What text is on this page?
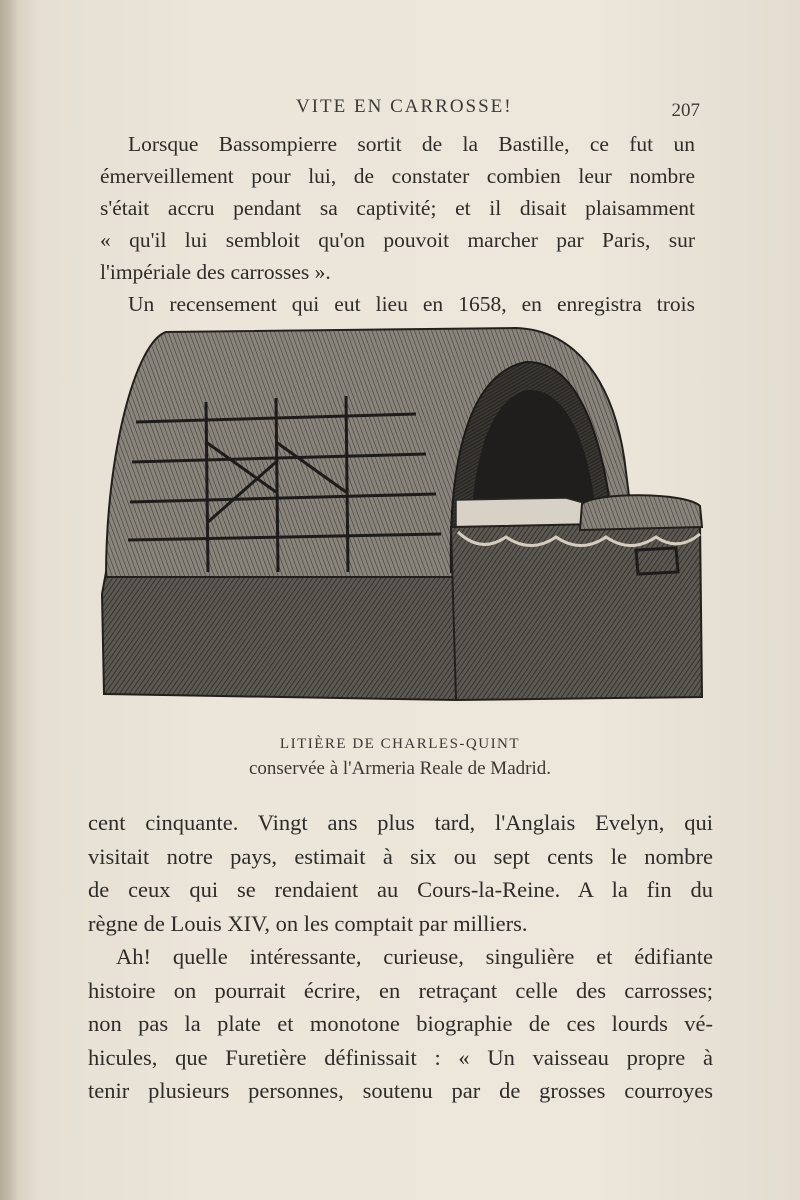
VITE EN CARROSSE!	207
Lorsque Bassompierre sortit de la Bastille, ce fut un
émerveillement pour lui, de constater combien leur nombre
s'était accru pendant sa captivité; et il disait plaisamment
« qu'il lui sembloit qu'on pouvoit marcher par Paris, sur
l'impériale des carrosses ».
Un recensement qui eut lieu en 1658, en enregistra trois
LITIÈRE DE CHARLES-QUINT
conservée à l'Armeria Reale de Madrid.
cent cinquante. Vingt ans plus tard, l'Anglais Evelyn, qui
visitait notre pays, estimait à six ou sept cents le nombre
de ceux qui se rendaient au Cours-la-Reine. A la fin du
règne de Louis XIV, on les comptait par milliers.
Ah! quelle intéressante, curieuse, singulière et édifiante
histoire on pourrait écrire, en retraçant celle des carrosses;
non pas la plate et monotone biographie de ces lourds vé-
hicules, que Furetière définissait : « Un vaisseau propre à
tenir plusieurs personnes, soutenu par de grosses courroyes
